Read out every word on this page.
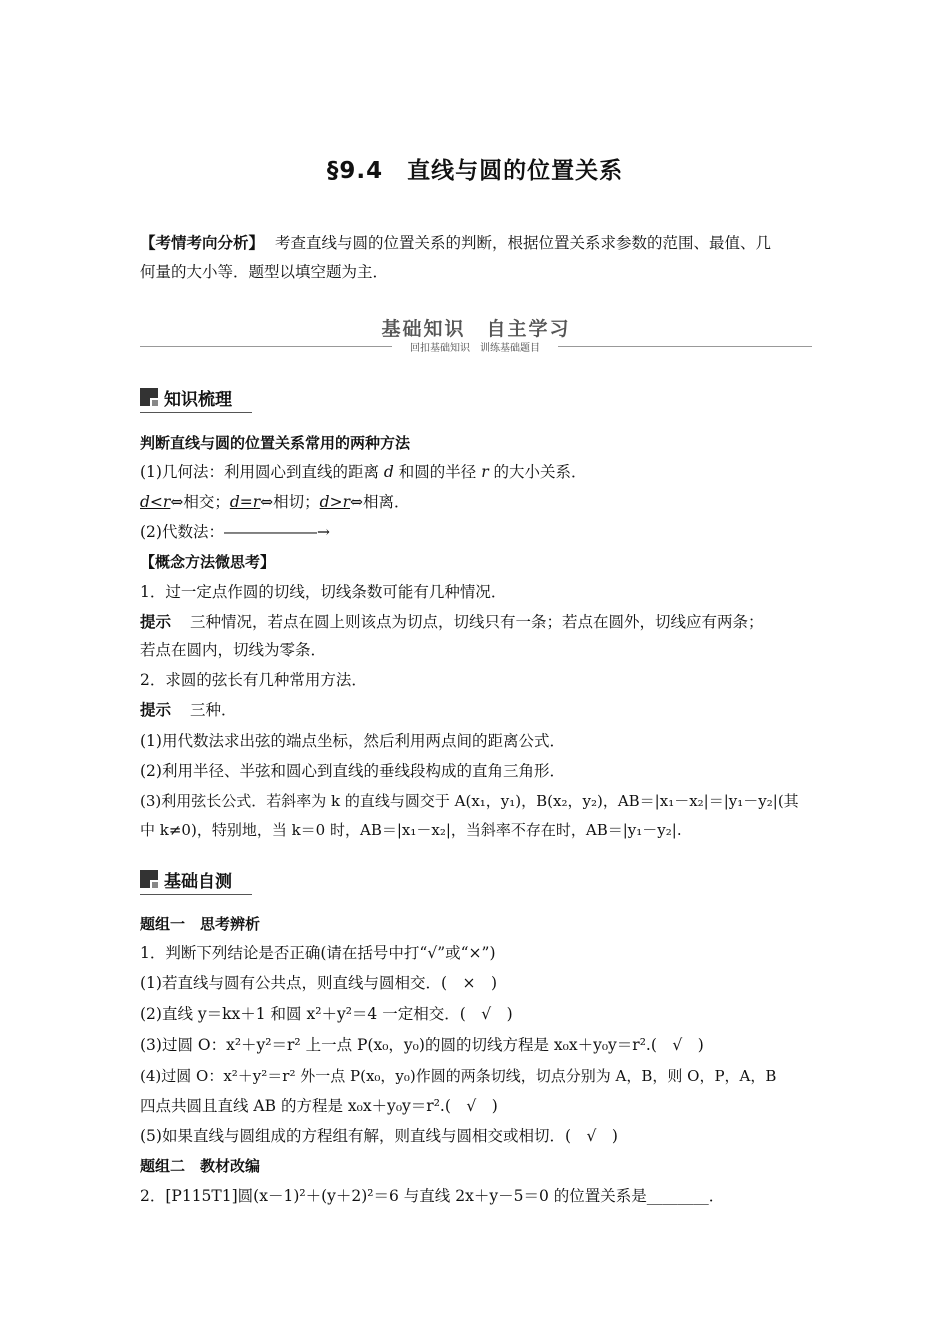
§9.4　直线与圆的位置关系
【考情考向分析】 考查直线与圆的位置关系的判断，根据位置关系求参数的范围、最值、几
何量的大小等．题型以填空题为主．
基础知识　自主学习
回扣基础知识　训练基础题目
知识梳理
判断直线与圆的位置关系常用的两种方法
(1)几何法：利用圆心到直线的距离 d 和圆的半径 r 的大小关系．
d<r⇔相交；d=r⇔相切；d>r⇔相离．
(2)代数法：――――――→
【概念方法微思考】
1．过一定点作圆的切线，切线条数可能有几种情况．
提示 三种情况，若点在圆上则该点为切点，切线只有一条；若点在圆外，切线应有两条；
若点在圆内，切线为零条．
2．求圆的弦长有几种常用方法．
提示 三种．
(1)用代数法求出弦的端点坐标，然后利用两点间的距离公式．
(2)利用半径、半弦和圆心到直线的垂线段构成的直角三角形．
(3)利用弦长公式．若斜率为 k 的直线与圆交于 A(x₁，y₁)，B(x₂，y₂)，AB＝|x₁－x₂|＝|y₁－y₂|(其
中 k≠0)，特别地，当 k＝0 时，AB＝|x₁－x₂|，当斜率不存在时，AB＝|y₁－y₂|.
基础自测
题组一　思考辨析
1．判断下列结论是否正确(请在括号中打“√”或“×”)
(1)若直线与圆有公共点，则直线与圆相交．(　×　)
(2)直线 y＝kx＋1 和圆 x²＋y²＝4 一定相交．(　√　)
(3)过圆 O：x²＋y²＝r² 上一点 P(x₀，y₀)的圆的切线方程是 x₀x＋y₀y＝r².(　√　)
(4)过圆 O：x²＋y²＝r² 外一点 P(x₀，y₀)作圆的两条切线，切点分别为 A，B，则 O，P，A，B
四点共圆且直线 AB 的方程是 x₀x＋y₀y＝r².(　√　)
(5)如果直线与圆组成的方程组有解，则直线与圆相交或相切．(　√　)
题组二　教材改编
2．[P115T1]圆(x－1)²＋(y＋2)²＝6 与直线 2x＋y－5＝0 的位置关系是________．
